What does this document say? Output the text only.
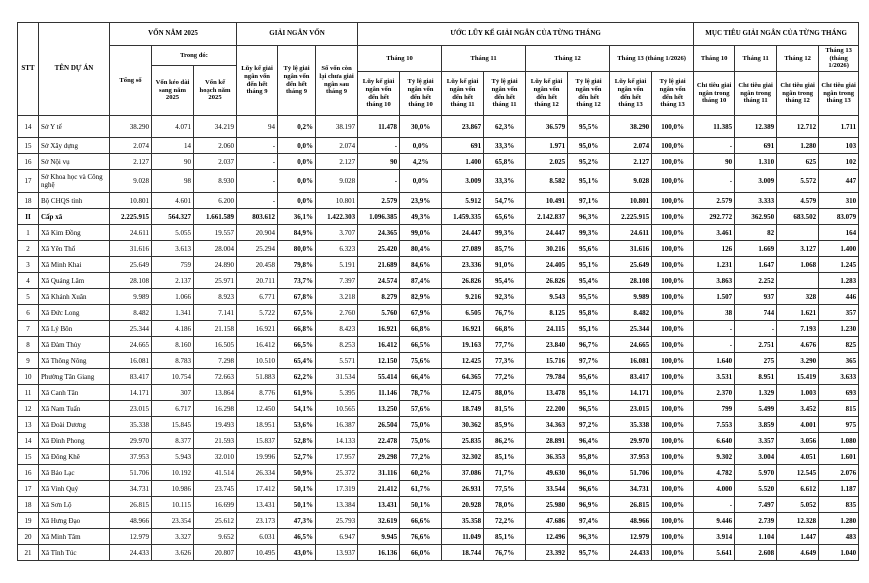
STT	TÊN DỰ ÁN	VỐN NĂM 2025			GIẢI NGÂN VỐN			ƯỚC LŨY KẾ GIẢI NGÂN CỦA TỪNG THÁNG								MỤC TIÊU GIẢI NGÂN CỦA TỪNG THÁNG			
		Tổng số	Trong đó:		Lũy kế giải ngân vốn đến hết tháng 9	Tỷ lệ giải ngân vốn đến hết tháng 9	Số vốn còn lại chưa giải ngân sau tháng 9	Tháng 10		Tháng 11		Tháng 12		Tháng 13 (tháng 1/2026)		Tháng 10	Tháng 11	Tháng 12	Tháng 13 (tháng 1/2026)
			Vốn kéo dài sang năm 2025	Vốn kế hoạch năm 2025															
								Lũy kế giải ngân vốn đến hết tháng 10	Tỷ lệ giải ngân vốn đến hết tháng 10	Lũy kế giải ngân vốn đến hết tháng 11	Tỷ lệ giải ngân vốn đến hết tháng 11	Lũy kế giải ngân vốn đến hết tháng 12	Tỷ lệ giải ngân vốn đến hết tháng 12	Lũy kế giải ngân vốn đến hết tháng 13	Tỷ lệ giải ngân vốn đến hết tháng 13	Chỉ tiêu giải ngân trong tháng 10	Chỉ tiêu giải ngân trong tháng 11	Chỉ tiêu giải ngân trong tháng 12	Chỉ tiêu giải ngân trong tháng 13
14	Sở Y tế	38.290	4.071	34.219	94	0,2%	38.197	11.478	30,0%	23.867	62,3%	36.579	95,5%	38.290	100,0%	11.385	12.389	12.712	1.711
15	Sở Xây dựng	2.074	14	2.060	-	0,0%	2.074	-	0,0%	691	33,3%	1.971	95,0%	2.074	100,0%	-	691	1.280	103
16	Sở Nội vụ	2.127	90	2.037	-	0,0%	2.127	90	4,2%	1.400	65,8%	2.025	95,2%	2.127	100,0%	90	1.310	625	102
17	Sở Khoa học và Công nghệ	9.028	98	8.930	-	0,0%	9.028	-	0,0%	3.009	33,3%	8.582	95,1%	9.028	100,0%	-	3.009	5.572	447
18	Bộ CHQS tỉnh	10.801	4.601	6.200	-	0,0%	10.801	2.579	23,9%	5.912	54,7%	10.491	97,1%	10.801	100,0%	2.579	3.333	4.579	310
II	Cấp xã	2.225.915	564.327	1.661.589	803.612	36,1%	1.422.303	1.096.385	49,3%	1.459.335	65,6%	2.142.837	96,3%	2.225.915	100,0%	292.772	362.950	683.502	83.079
1	Xã Kim Đồng	24.611	5.055	19.557	20.904	84,9%	3.707	24.365	99,0%	24.447	99,3%	24.447	99,3%	24.611	100,0%	3.461	82		164
2	Xã Yên Thổ	31.616	3.613	28.004	25.294	80,0%	6.323	25.420	80,4%	27.089	85,7%	30.216	95,6%	31.616	100,0%	126	1.669	3.127	1.400
3	Xã Minh Khai	25.649	759	24.890	20.458	79,8%	5.191	21.689	84,6%	23.336	91,0%	24.405	95,1%	25.649	100,0%	1.231	1.647	1.068	1.245
4	Xã Quảng Lâm	28.108	2.137	25.971	20.711	73,7%	7.397	24.574	87,4%	26.826	95,4%	26.826	95,4%	28.108	100,0%	3.863	2.252		1.283
5	Xã Khánh Xuân	9.989	1.066	8.923	6.771	67,8%	3.218	8.279	82,9%	9.216	92,3%	9.543	95,5%	9.989	100,0%	1.507	937	328	446
6	Xã Đức Long	8.482	1.341	7.141	5.722	67,5%	2.760	5.760	67,9%	6.505	76,7%	8.125	95,8%	8.482	100,0%	38	744	1.621	357
7	Xã Lý Bôn	25.344	4.186	21.158	16.921	66,8%	8.423	16.921	66,8%	16.921	66,8%	24.115	95,1%	25.344	100,0%	-	-	7.193	1.230
8	Xã Đàm Thủy	24.665	8.160	16.505	16.412	66,5%	8.253	16.412	66,5%	19.163	77,7%	23.840	96,7%	24.665	100,0%	-	2.751	4.676	825
9	Xã Thông Nông	16.081	8.783	7.298	10.510	65,4%	5.571	12.150	75,6%	12.425	77,3%	15.716	97,7%	16.081	100,0%	1.640	275	3.290	365
10	Phường Tân Giang	83.417	10.754	72.663	51.883	62,2%	31.534	55.414	66,4%	64.365	77,2%	79.784	95,6%	83.417	100,0%	3.531	8.951	15.419	3.633
11	Xã Canh Tân	14.171	307	13.864	8.776	61,9%	5.395	11.146	78,7%	12.475	88,0%	13.478	95,1%	14.171	100,0%	2.370	1.329	1.003	693
12	Xã Nam Tuấn	23.015	6.717	16.298	12.450	54,1%	10.565	13.250	57,6%	18.749	81,5%	22.200	96,5%	23.015	100,0%	799	5.499	3.452	815
13	Xã Đoài Dương	35.338	15.845	19.493	18.951	53,6%	16.387	26.504	75,0%	30.362	85,9%	34.363	97,2%	35.338	100,0%	7.553	3.859	4.001	975
14	Xã Đình Phong	29.970	8.377	21.593	15.837	52,8%	14.133	22.478	75,0%	25.835	86,2%	28.891	96,4%	29.970	100,0%	6.640	3.357	3.056	1.080
15	Xã Đông Khê	37.953	5.943	32.010	19.996	52,7%	17.957	29.298	77,2%	32.302	85,1%	36.353	95,8%	37.953	100,0%	9.302	3.004	4.051	1.601
16	Xã Bảo Lạc	51.706	10.192	41.514	26.334	50,9%	25.372	31.116	60,2%	37.086	71,7%	49.630	96,0%	51.706	100,0%	4.782	5.970	12.545	2.076
17	Xã Vinh Quý	34.731	10.986	23.745	17.412	50,1%	17.319	21.412	61,7%	26.931	77,5%	33.544	96,6%	34.731	100,0%	4.000	5.520	6.612	1.187
18	Xã Sơn Lộ	26.815	10.115	16.699	13.431	50,1%	13.384	13.431	50,1%	20.928	78,0%	25.980	96,9%	26.815	100,0%	-	7.497	5.052	835
19	Xã Hưng Đạo	48.966	23.354	25.612	23.173	47,3%	25.793	32.619	66,6%	35.358	72,2%	47.686	97,4%	48.966	100,0%	9.446	2.739	12.328	1.280
20	Xã Minh Tâm	12.979	3.327	9.652	6.031	46,5%	6.947	9.945	76,6%	11.049	85,1%	12.496	96,3%	12.979	100,0%	3.914	1.104	1.447	483
21	Xã Tĩnh Túc	24.433	3.626	20.807	10.495	43,0%	13.937	16.136	66,0%	18.744	76,7%	23.392	95,7%	24.433	100,0%	5.641	2.608	4.649	1.040
